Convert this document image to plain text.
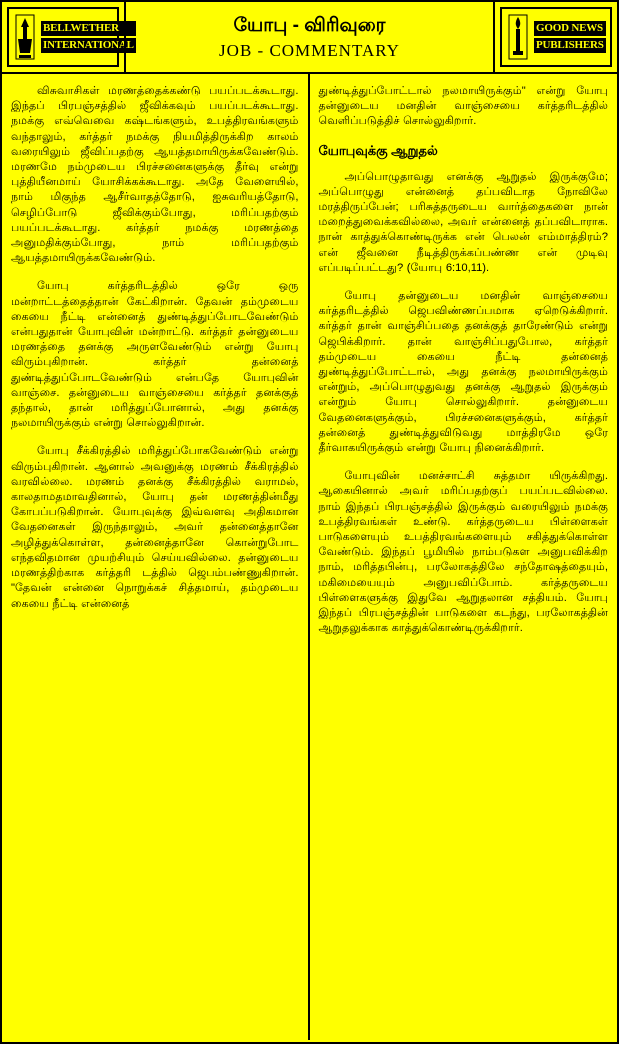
BELLWETHER
INTERNATIONAL
யோபு - விரிவுரை
JOB - COMMENTARY
GOOD NEWS
PUBLISHERS

விசுவாசிகள் மரணத்தைக்கண்டு பயப்படக்கூடாது. இந்தப் பிரபஞ்சத்தில் ஜீவிக்கவும் பயப்படக்கூடாது. நமக்கு எவ்வெவை கஷ்டங்களும், உபத்திரவங்களும் வந்தாலும், கர்த்தர் நமக்கு நியமித்திருக்கிற காலம் வரையிலும் ஜீவிப்பதற்கு ஆயத்தமாயிருக்கவேண்டும். மரணமே நம்முடைய பிரச்சனைகளுக்கு தீர்வு என்று புத்தியீனமாய் யோசிக்கக்கூடாது. அதே வேளையில், நாம் மிகுந்த ஆசீர்வாதத்தோடு, ஐசுவரியத்தோடு, செழிப்போடு ஜீவிக்கும்போது, மரிப்பதற்கும் பயப்படக்கூடாது. கர்த்தர் நமக்கு மரணத்தை அனுமதிக்கும்போது, நாம் மரிப்பதற்கும் ஆயத்தமாயிருக்கவேண்டும்.

யோபு கர்த்தரிடத்தில் ஒரே ஒரு மன்றாட்டத்தைத்தான் கேட்கிறான். தேவன் தம்முடைய கையை நீட்டி என்னைத் துண்டித்துப்போடவேண்டும் என்பதுதான் யோபுவின் மன்றாட்டு. கர்த்தர் தன்னுடைய மரணத்தை தனக்கு அருளவேண்டும் என்று யோபு விரும்புகிறான். கர்த்தர் தன்னைத் துண்டித்துப்போடவேண்டும் என்பதே யோபுவின் வாஞ்சை. தன்னுடைய வாஞ்சையை கர்த்தர் தனக்குத் தந்தால், தான் மரித்துப்போனால், அது தனக்கு நலமாயிருக்கும் என்று சொல்லுகிறான்.

யோபு சீக்கிரத்தில் மரித்துப்போகவேண்டும் என்று விரும்புகிறான். ஆனால் அவனுக்கு மரணம் சீக்கிரத்தில் வரவில்லை. மரணம் தனக்கு சீக்கிரத்தில் வராமல், காலதாமதமாவதினால், யோபு தன் மரணத்தின்மீது கோபப்படுகிறான். யோபுவுக்கு இவ்வளவு அதிகமான வேதனைகள் இருந்தாலும், அவர் தன்னைத்தானே அழித்துக்கொள்ள, தன்னைத்தானே கொன்றுபோட எந்தவிதமான முயற்சியும் செய்யவில்லை. தன்னுடைய மரணத்திற்காக கர்த்தரி டத்தில் ஜெபம்பண்ணுகிறான். "தேவன் என்னை நொறுக்கச் சித்தமாய், தம்முடைய கையை நீட்டி என்னைத்

துண்டித்துப்போட்டால் நலமாயிருக்கும்" என்று யோபு தன்னுடைய மனதின் வாஞ்சையை கர்த்தரிடத்தில் வெளிப்படுத்திச் சொல்லுகிறார்.

யோபுவுக்கு ஆறுதல்

அப்பொழுதாவது எனக்கு ஆறுதல் இருக்குமே; அப்பொழுது என்னைத் தப்பவிடாத நோவிலே மரத்திருப்பேன்; பரிசுத்தருடைய வார்த்தைகளை நான் மறைத்துவைக்கவில்லை, அவர் என்னைத் தப்பவிடாராக. நான் காத்துக்கொண்டிருக்க என் பெலன் எம்மாத்திரம்? என் ஜீவனை நீடித்திருக்கப்பண்ண என் முடிவு எப்படிப்பட்டது? (யோபு 6:10,11).

யோபு தன்னுடைய மனதின் வாஞ்சையை கர்த்தரிடத்தில் ஜெபவிண்ணப்பமாக ஏறெடுக்கிறார். கர்த்தர் தான் வாஞ்சிப்பதை தனக்குத் தாரேண்டும் என்று ஜெபிக்கிறார். தான் வாஞ்சிப்பதுபோல, கர்த்தர் தம்முடைய கையை நீட்டி தன்னைத் துண்டித்துப்போட்டால், அது தனக்கு நலமாயிருக்கும் என்றும், அப்பொழுதுவது தனக்கு ஆறுதல் இருக்கும் என்றும் யோபு சொல்லுகிறார். தன்னுடைய வேதனைகளுக்கும், பிரச்சனைகளுக்கும், கர்த்தர் தன்னைத் துண்டித்துவிடுவது மாத்திரமே ஒரே தீர்வாகயிருக்கும் என்று யோபு நினைக்கிறார்.

யோபுவின் மனச்சாட்சி சுத்தமா யிருக்கிறது. ஆகையினால் அவர் மரிப்பதற்குப் பயப்படவில்லை. நாம் இந்தப் பிரபஞ்சத்தில் இருக்கும் வரையிலும் நமக்கு உபத்திரவங்கள் உண்டு. கர்த்தருடைய பிள்ளைகள் பாடுகளையும் உபத்திரவங்களையும் சகித்துக்கொள்ள வேண்டும். இந்தப் பூமியில் நாம்படுகள அனுபவிக்கிற நாம், மரித்தபின்பு, பரலோகத்திலே சந்தோஷத்தையும், மகிமையையும் அனுபவிப்போம். கர்த்தருடைய பிள்ளைகளுக்கு இதுவே ஆறுதலான சத்தியம். யோபு இந்தப் பிரபஞ்சத்தின் பாடுகளை கடந்து, பரலோகத்தின் ஆறுதலுக்காக காத்துக்கொண்டிருக்கிறார்.
